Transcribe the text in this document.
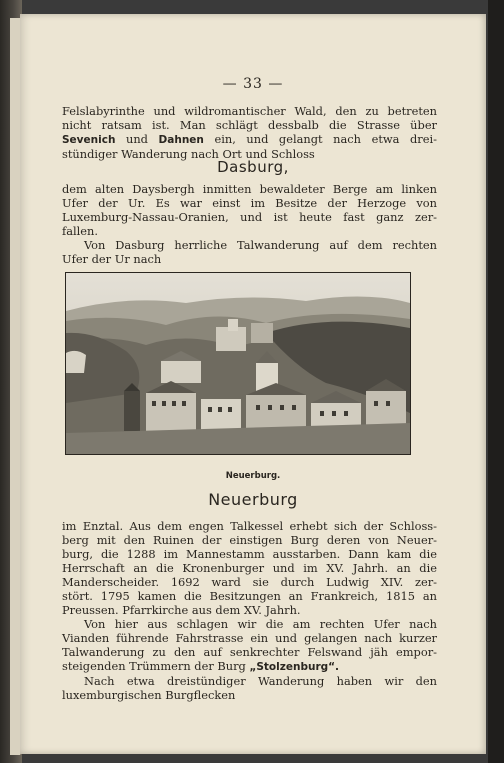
— 33 —
Felslabyrinthe und wildromantischer Wald, den zu betreten
nicht ratsam ist. Man schlägt dessbalb die Strasse über
Sevenich und Dahnen ein, und gelangt nach etwa drei-
stündiger Wanderung nach Ort und Schloss
Dasburg,
dem alten Daysbergh inmitten bewaldeter Berge am linken
Ufer der Ur. Es war einst im Besitze der Herzoge von
Luxemburg-Nassau-Oranien, und ist heute fast ganz zer-
fallen.
Von Dasburg herrliche Talwanderung auf dem rechten
Ufer der Ur nach
Neuerburg.
Neuerburg
im Enztal. Aus dem engen Talkessel erhebt sich der Schloss-
berg mit den Ruinen der einstigen Burg deren von Neuer-
burg, die 1288 im Mannestamm ausstarben. Dann kam die
Herrschaft an die Kronenburger und im XV. Jahrh. an die
Manderscheider. 1692 ward sie durch Ludwig XIV. zer-
stört. 1795 kamen die Besitzungen an Frankreich, 1815 an
Preussen. Pfarrkirche aus dem XV. Jahrh.
Von hier aus schlagen wir die am rechten Ufer nach
Vianden führende Fahrstrasse ein und gelangen nach kurzer
Talwanderung zu den auf senkrechter Felswand jäh empor-
steigenden Trümmern der Burg „Stolzenburg“.
Nach etwa dreistündiger Wanderung haben wir den
luxemburgischen Burgflecken
